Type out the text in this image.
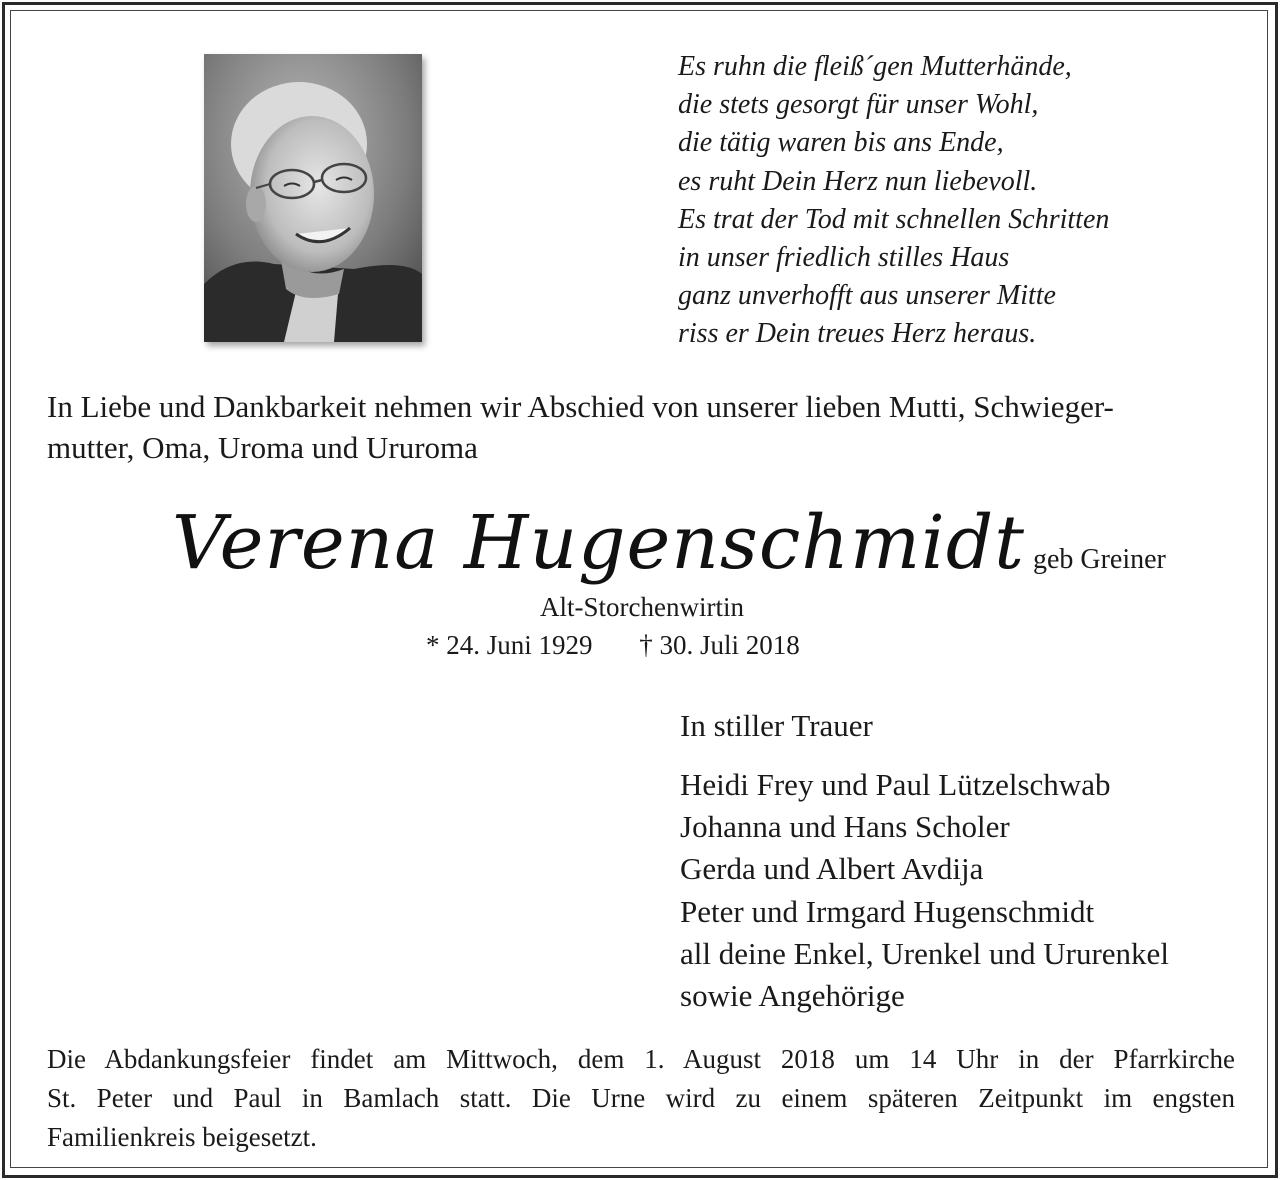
Es ruhn die fleiß´gen Mutterhände,
die stets gesorgt für unser Wohl,
die tätig waren bis ans Ende,
es ruht Dein Herz nun liebevoll.
Es trat der Tod mit schnellen Schritten
in unser friedlich stilles Haus
ganz unverhofft aus unserer Mitte
riss er Dein treues Herz heraus.
In Liebe und Dankbarkeit nehmen wir Abschied von unserer lieben Mutti, Schwieger-
mutter, Oma, Uroma und Ururoma
Verena Hugenschmidt geb Greiner
Alt-Storchenwirtin
* 24. Juni 1929 † 30. Juli 2018
In stiller Trauer
Heidi Frey und Paul Lützelschwab
Johanna und Hans Scholer
Gerda und Albert Avdija
Peter und Irmgard Hugenschmidt
all deine Enkel, Urenkel und Ururenkel
sowie Angehörige
Die Abdankungsfeier findet am Mittwoch, dem 1. August 2018 um 14 Uhr in der Pfarrkirche
St. Peter und Paul in Bamlach statt. Die Urne wird zu einem späteren Zeitpunkt im engsten
Familienkreis beigesetzt.
